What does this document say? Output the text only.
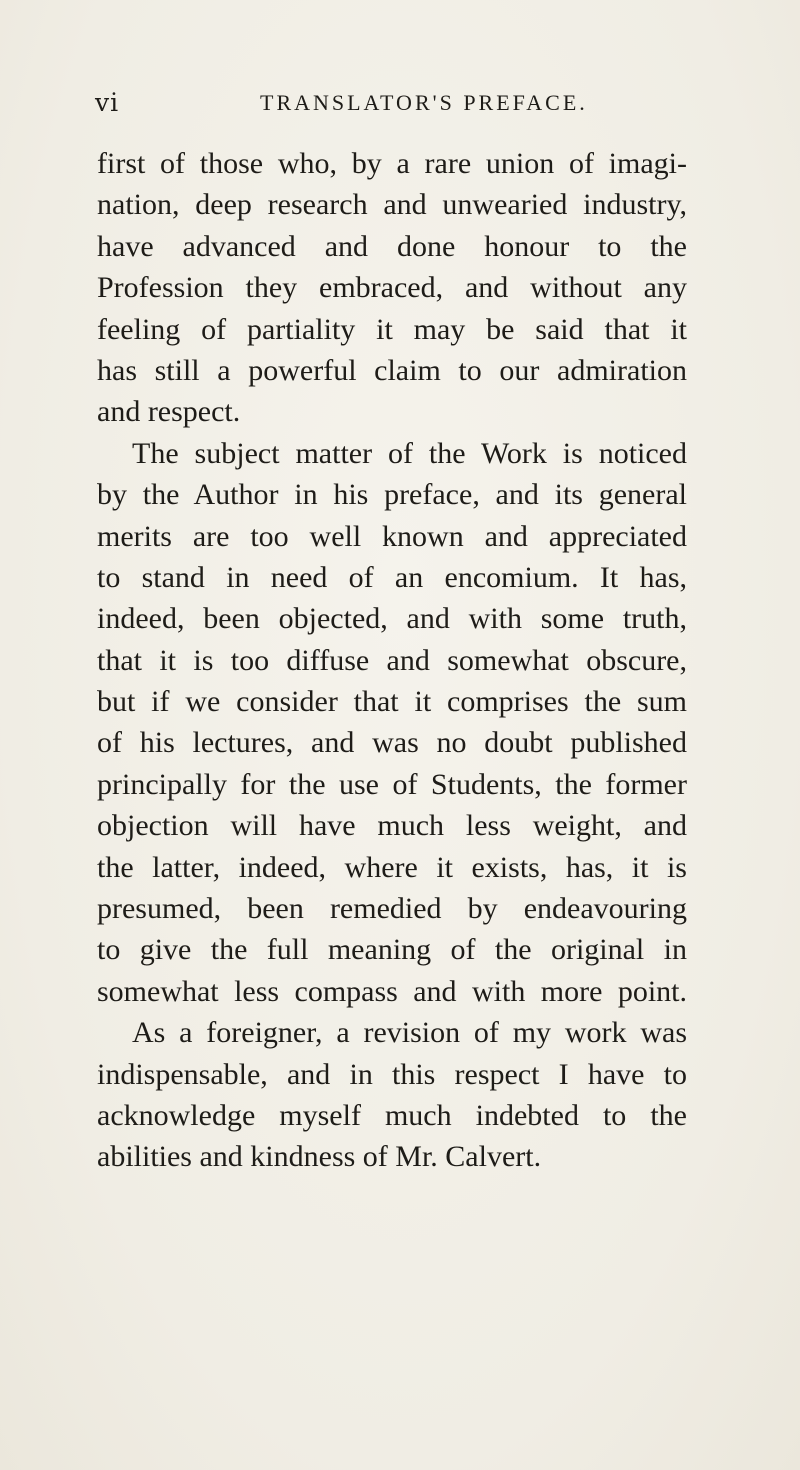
vi	TRANSLATOR'S PREFACE.
first of those who, by a rare union of imagi-
nation, deep research and unwearied industry,
have advanced and done honour to the
Profession they embraced, and without any
feeling of partiality it may be said that it
has still a powerful claim to our admiration
and respect.
The subject matter of the Work is noticed
by the Author in his preface, and its general
merits are too well known and appreciated
to stand in need of an encomium. It has,
indeed, been objected, and with some truth,
that it is too diffuse and somewhat obscure,
but if we consider that it comprises the sum
of his lectures, and was no doubt published
principally for the use of Students, the former
objection will have much less weight, and
the latter, indeed, where it exists, has, it is
presumed, been remedied by endeavouring
to give the full meaning of the original in
somewhat less compass and with more point.
As a foreigner, a revision of my work was
indispensable, and in this respect I have to
acknowledge myself much indebted to the
abilities and kindness of Mr. Calvert.
